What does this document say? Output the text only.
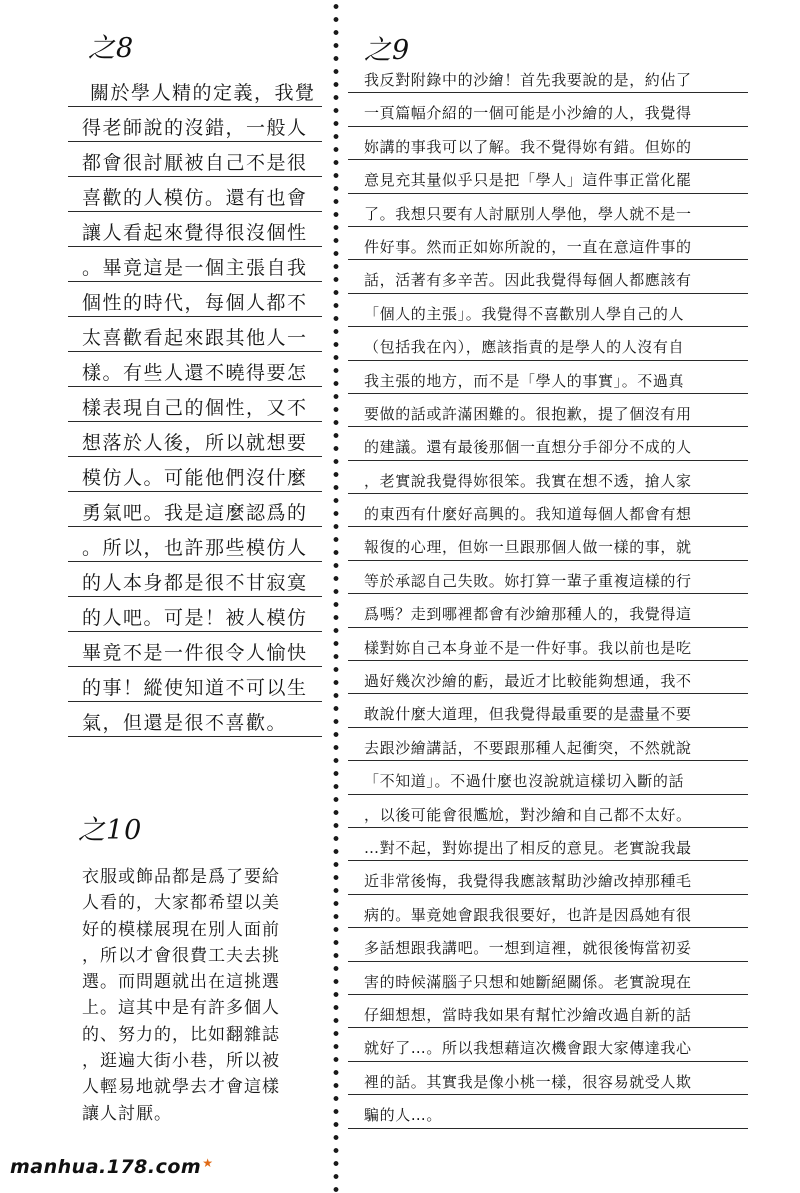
之8
關於學人精的定義，我覺
得老師說的沒錯，一般人
都會很討厭被自己不是很
喜歡的人模仿。還有也會
讓人看起來覺得很沒個性
。畢竟這是一個主張自我
個性的時代，每個人都不
太喜歡看起來跟其他人一
樣。有些人還不曉得要怎
樣表現自己的個性，又不
想落於人後，所以就想要
模仿人。可能他們沒什麼
勇氣吧。我是這麼認爲的
。所以，也許那些模仿人
的人本身都是很不甘寂寞
的人吧。可是！被人模仿
畢竟不是一件很令人愉快
的事！縱使知道不可以生
氣，但還是很不喜歡。
之9
我反對附錄中的沙繪！首先我要說的是，約佔了
一頁篇幅介紹的一個可能是小沙繪的人，我覺得
妳講的事我可以了解。我不覺得妳有錯。但妳的
意見充其量似乎只是把「學人」這件事正當化罷
了。我想只要有人討厭別人學他，學人就不是一
件好事。然而正如妳所說的，一直在意這件事的
話，活著有多辛苦。因此我覺得每個人都應該有
「個人的主張」。我覺得不喜歡別人學自己的人
（包括我在內），應該指責的是學人的人沒有自
我主張的地方，而不是「學人的事實」。不過真
要做的話或許滿困難的。很抱歉，提了個沒有用
的建議。還有最後那個一直想分手卻分不成的人
，老實說我覺得妳很笨。我實在想不透，搶人家
的東西有什麼好高興的。我知道每個人都會有想
報復的心理，但妳一旦跟那個人做一樣的事，就
等於承認自己失敗。妳打算一輩子重複這樣的行
爲嗎？走到哪裡都會有沙繪那種人的，我覺得這
樣對妳自己本身並不是一件好事。我以前也是吃
過好幾次沙繪的虧，最近才比較能夠想通，我不
敢說什麼大道理，但我覺得最重要的是盡量不要
去跟沙繪講話，不要跟那種人起衝突，不然就說
「不知道」。不過什麼也沒說就這樣切入斷的話
，以後可能會很尷尬，對沙繪和自己都不太好。
…對不起，對妳提出了相反的意見。老實說我最
近非常後悔，我覺得我應該幫助沙繪改掉那種毛
病的。畢竟她會跟我很要好，也許是因爲她有很
多話想跟我講吧。一想到這裡，就很後悔當初妥
害的時候滿腦子只想和她斷絕關係。老實說現在
仔細想想，當時我如果有幫忙沙繪改過自新的話
就好了…。所以我想藉這次機會跟大家傳達我心
裡的話。其實我是像小桃一樣，很容易就受人欺
騙的人…。
之10
衣服或飾品都是爲了要給
人看的，大家都希望以美
好的模樣展現在別人面前
，所以才會很費工夫去挑
選。而問題就出在這挑選
上。這其中是有許多個人
的、努力的，比如翻雜誌
，逛遍大街小巷，所以被
人輕易地就學去才會這樣
讓人討厭。
manhua.178.com★
